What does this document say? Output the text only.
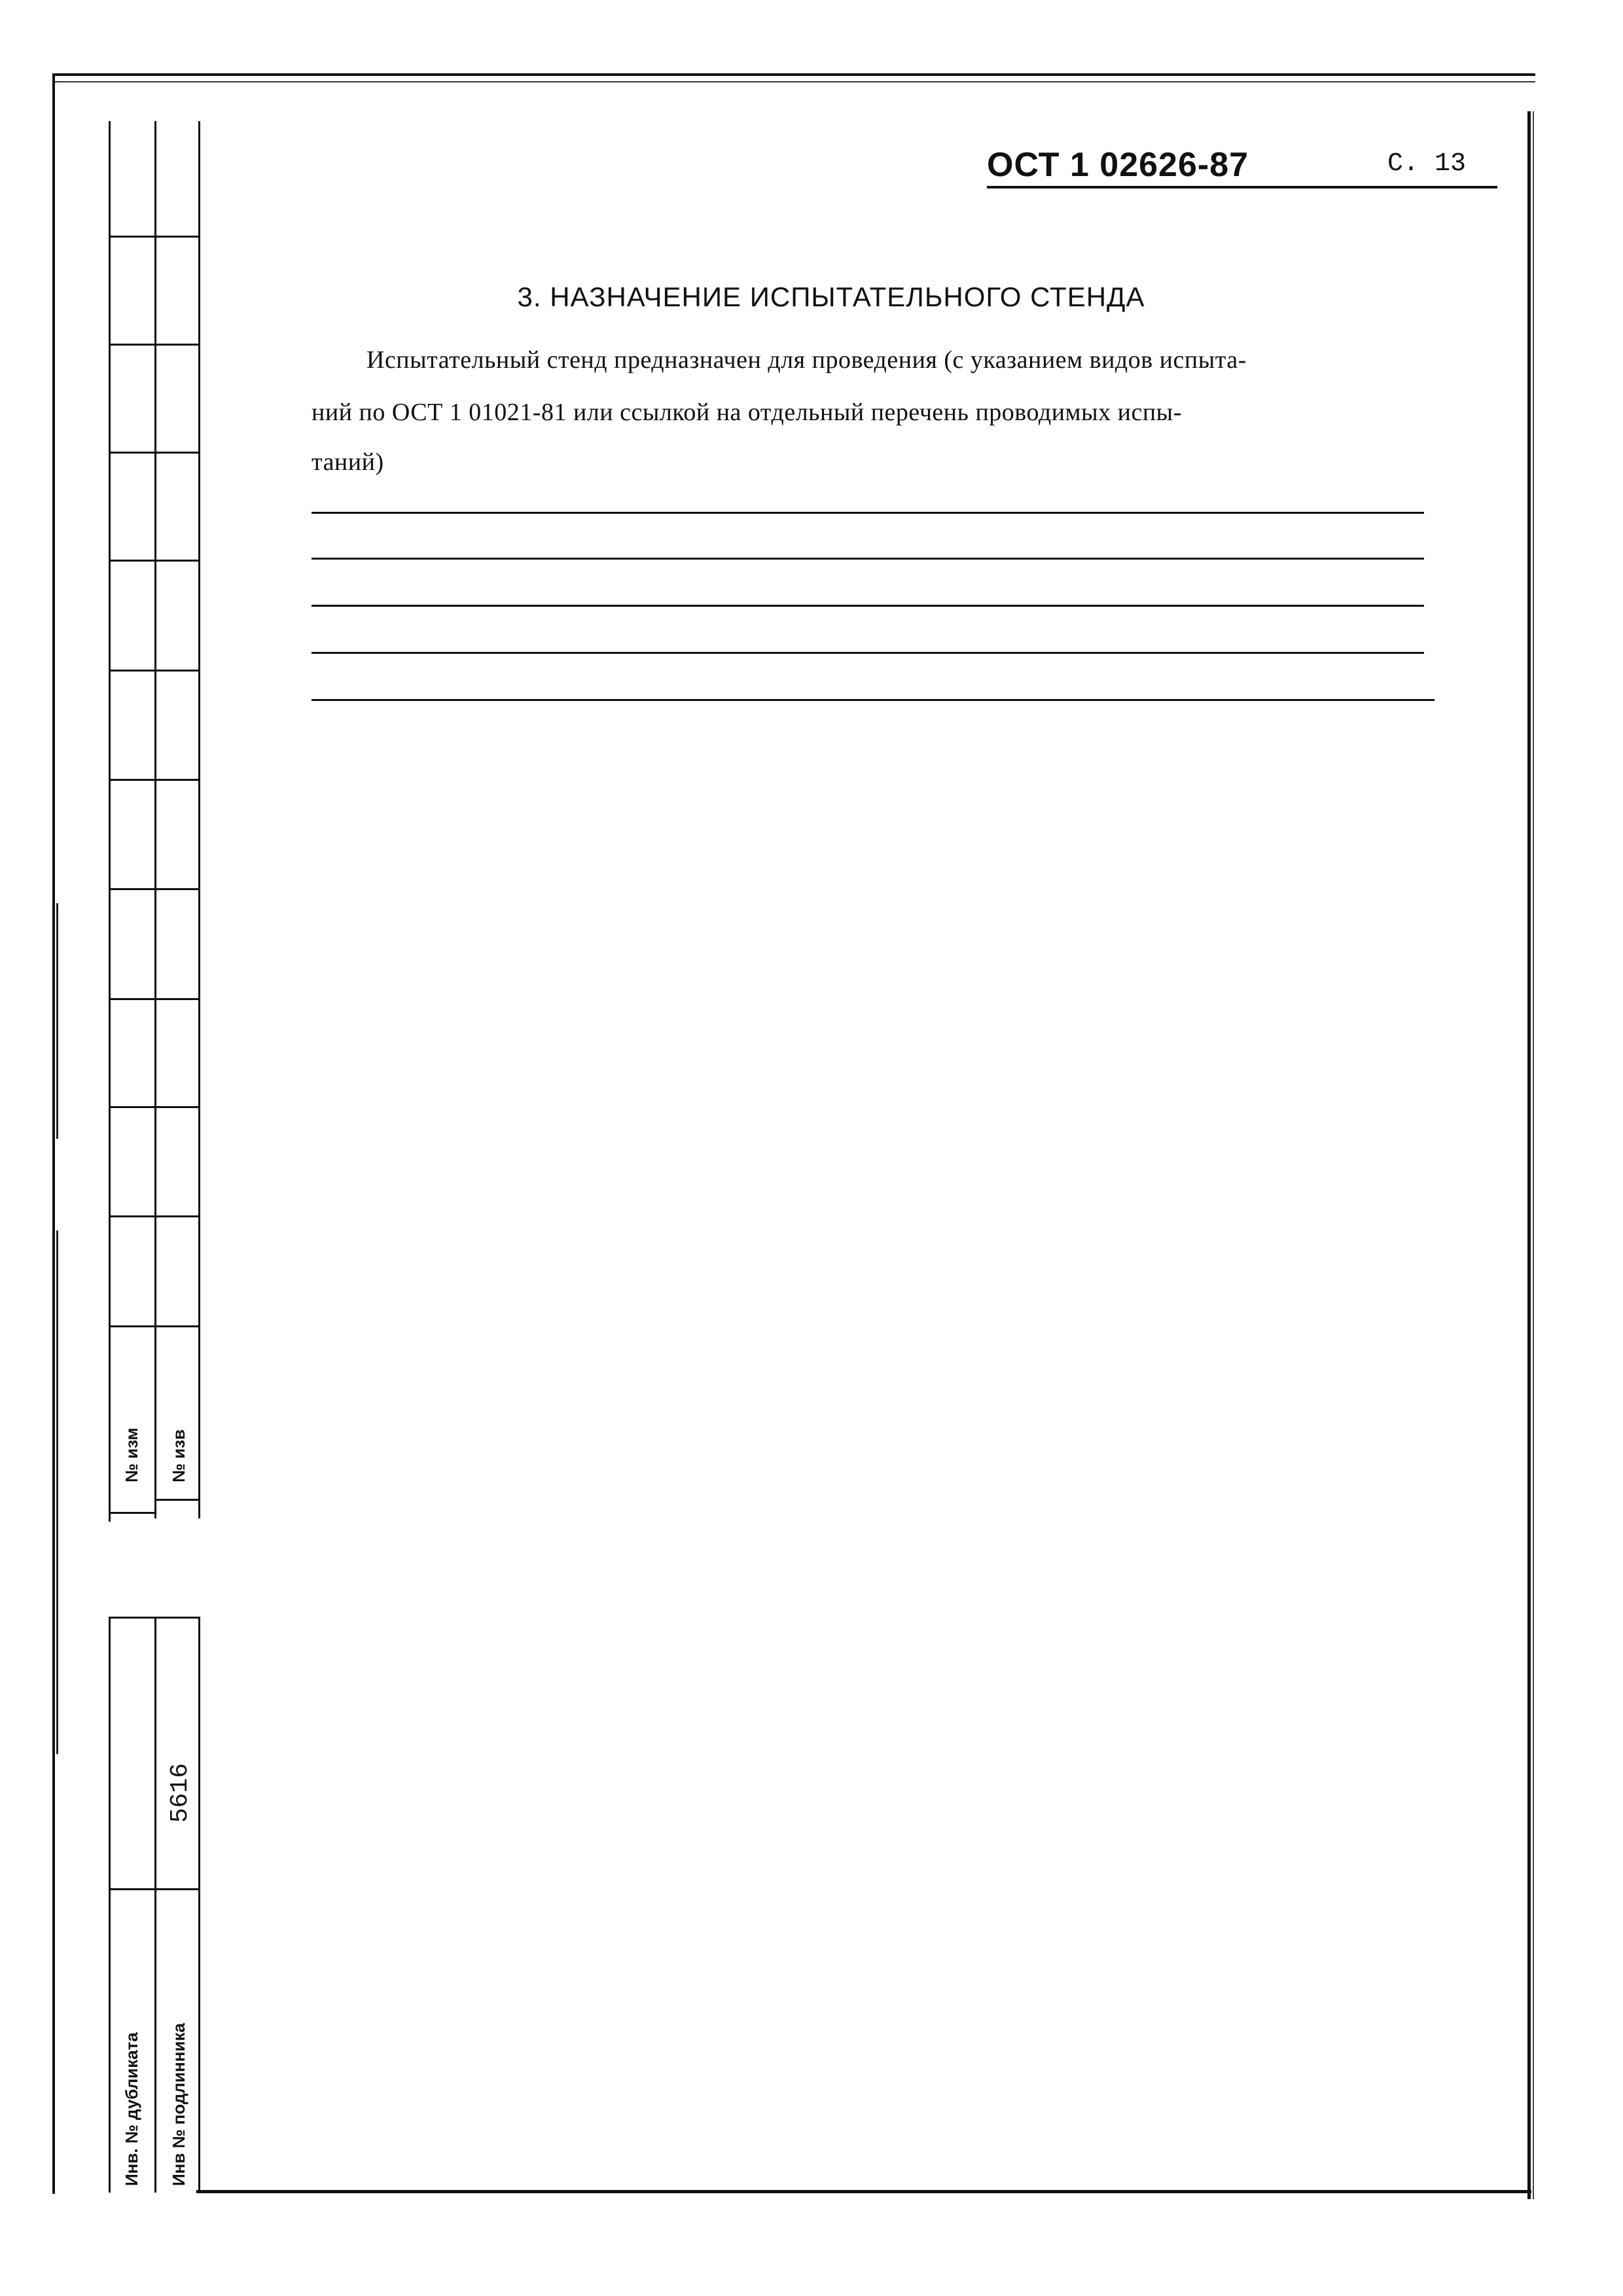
№ изм № изв
5616
Инв. № дубликата Инв № подлинника
ОСТ 1 02626-87	С. 13
3. НАЗНАЧЕНИЕ ИСПЫТАТЕЛЬНОГО СТЕНДА
Испытательный стенд предназначен для проведения (с указанием видов испыта-
ний по ОСТ 1 01021-81 или ссылкой на отдельный перечень проводимых испы-
таний)
